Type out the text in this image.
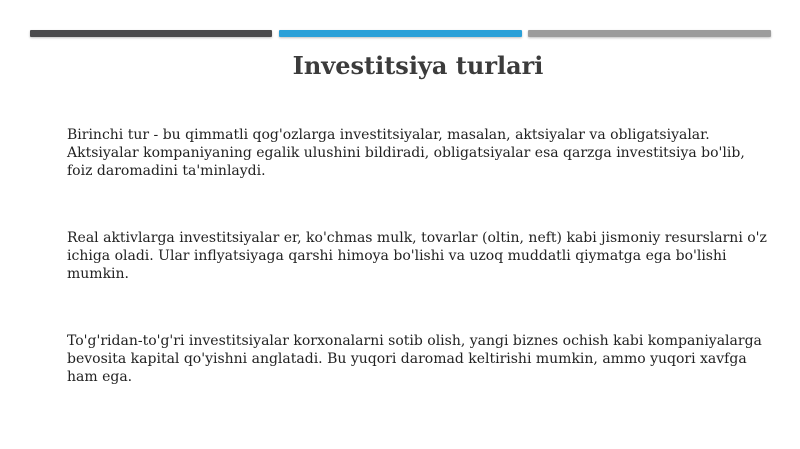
Investitsiya turlari

Birinchi tur - bu qimmatli qog'ozlarga investitsiyalar, masalan, aktsiyalar va obligatsiyalar. Aktsiyalar kompaniyaning egalik ulushini bildiradi, obligatsiyalar esa qarzga investitsiya bo'lib, foiz daromadini ta'minlaydi.

Real aktivlarga investitsiyalar er, ko'chmas mulk, tovarlar (oltin, neft) kabi jismoniy resurslarni o'z ichiga oladi. Ular inflyatsiyaga qarshi himoya bo'lishi va uzoq muddatli qiymatga ega bo'lishi mumkin.

To'g'ridan-to'g'ri investitsiyalar korxonalarni sotib olish, yangi biznes ochish kabi kompaniyalarga bevosita kapital qo'yishni anglatadi. Bu yuqori daromad keltirishi mumkin, ammo yuqori xavfga ham ega.
